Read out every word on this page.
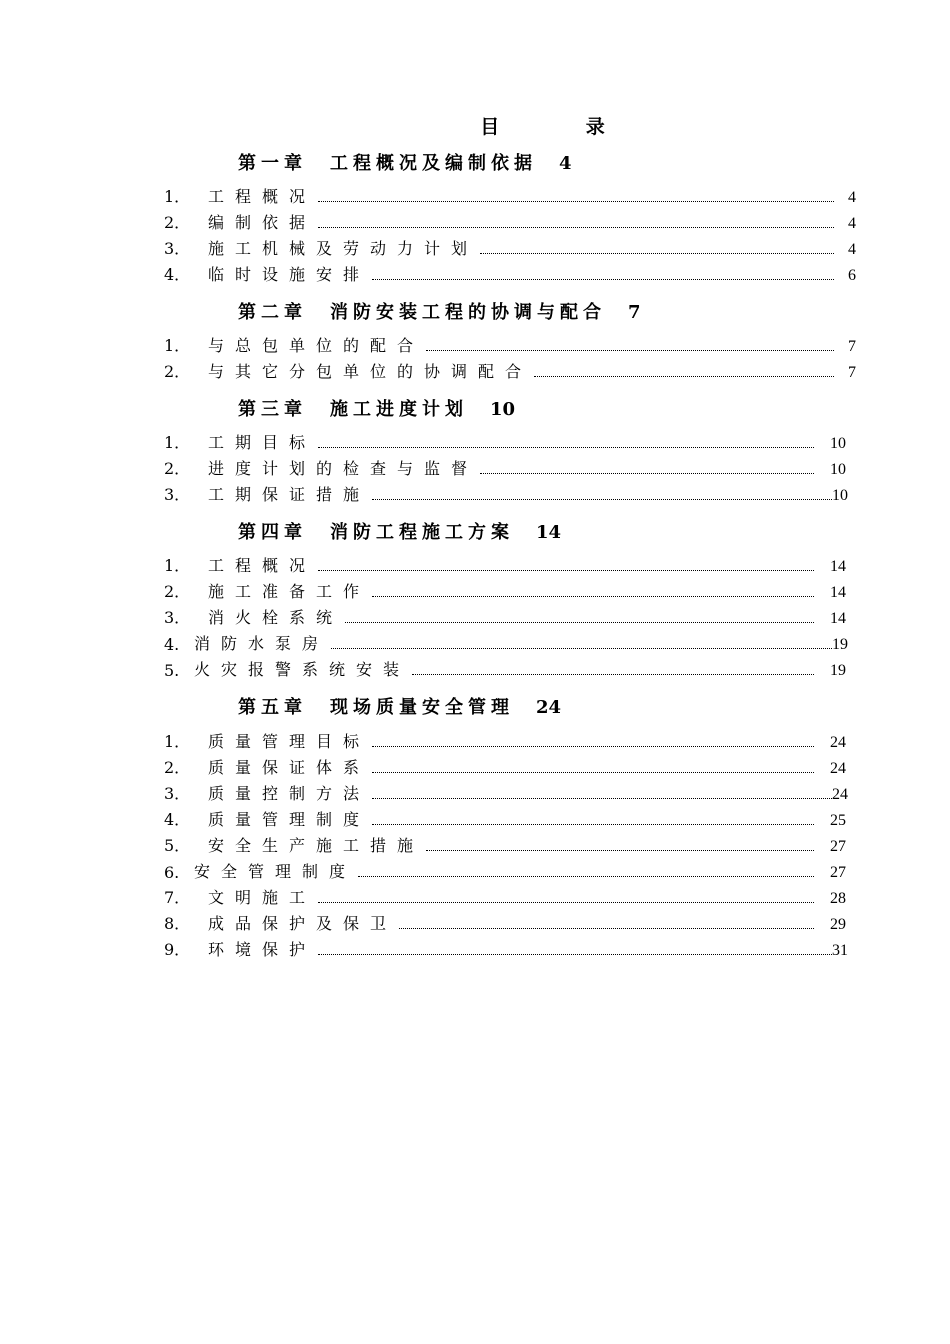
目 录
第一章　工程概况及编制依据 4
1．	工程概况	4
2．	编制依据	4
3．	施工机械及劳动力计划	4
4．	临时设施安排	6
第二章　消防安装工程的协调与配合 7
1．	与总包单位的配合	7
2．	与其它分包单位的协调配合	7
第三章　施工进度计划 10
1．	工期目标	10
2．	进度计划的检查与监督	10
3．	工期保证措施	10
第四章　消防工程施工方案 14
1．	工程概况	14
2．	施工准备工作	14
3．	消火栓系统	14
4. 消防水泵房	19
5. 火灾报警系统安装	19
第五章　现场质量安全管理 24
1．	质量管理目标	24
2．	质量保证体系	24
3．	质量控制方法	24
4．	质量管理制度	25
5．	安全生产施工措施	27
6. 安全管理制度	27
7．	文明施工	28
8．	成品保护及保卫	29
9．	环境保护	31
